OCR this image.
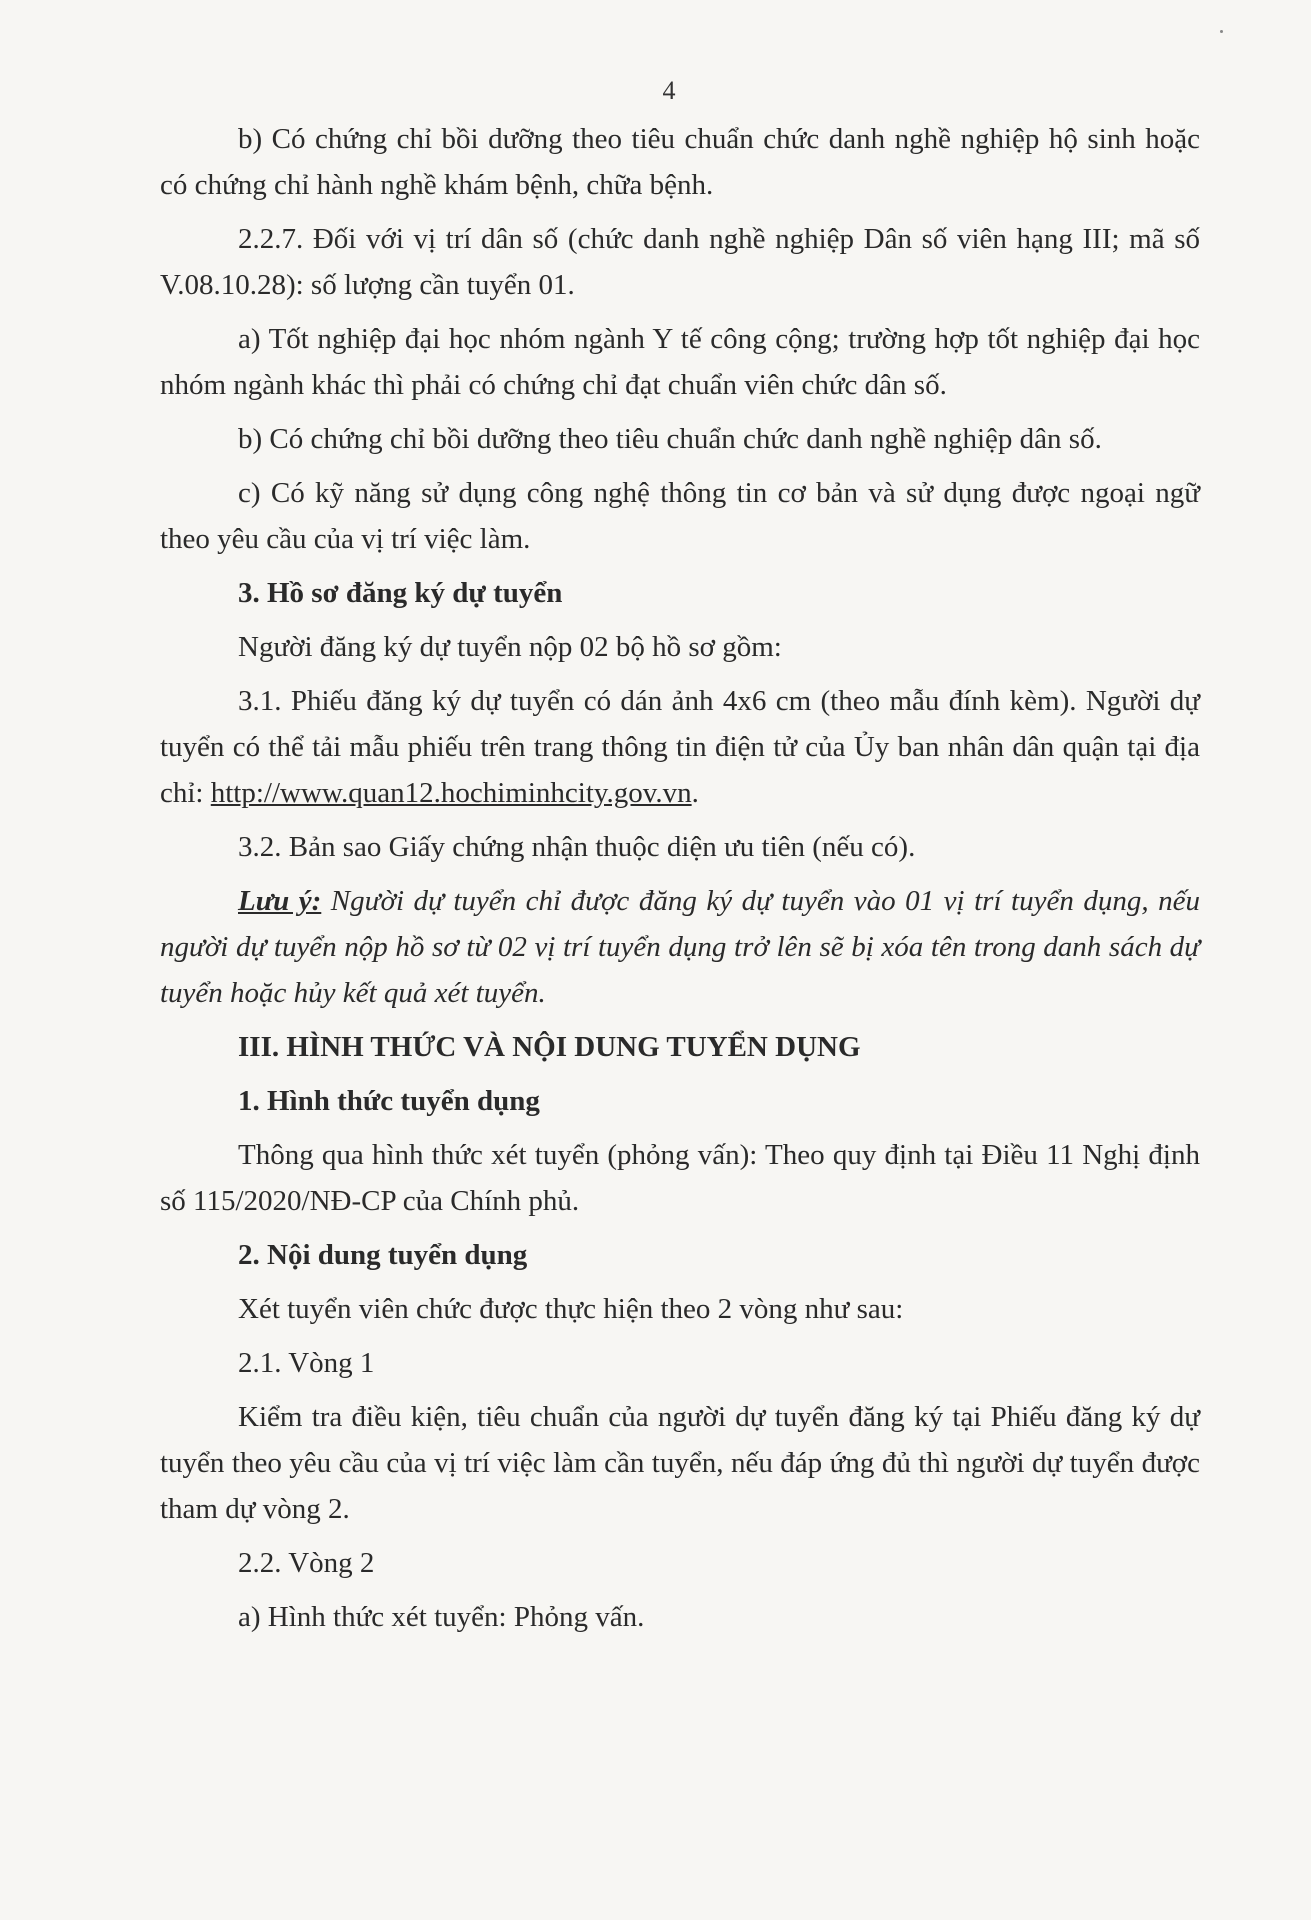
4

b) Có chứng chỉ bồi dưỡng theo tiêu chuẩn chức danh nghề nghiệp hộ sinh hoặc có chứng chỉ hành nghề khám bệnh, chữa bệnh.

2.2.7. Đối với vị trí dân số (chức danh nghề nghiệp Dân số viên hạng III; mã số V.08.10.28): số lượng cần tuyển 01.

a) Tốt nghiệp đại học nhóm ngành Y tế công cộng; trường hợp tốt nghiệp đại học nhóm ngành khác thì phải có chứng chỉ đạt chuẩn viên chức dân số.

b) Có chứng chỉ bồi dưỡng theo tiêu chuẩn chức danh nghề nghiệp dân số.

c) Có kỹ năng sử dụng công nghệ thông tin cơ bản và sử dụng được ngoại ngữ theo yêu cầu của vị trí việc làm.

3. Hồ sơ đăng ký dự tuyển

Người đăng ký dự tuyển nộp 02 bộ hồ sơ gồm:

3.1. Phiếu đăng ký dự tuyển có dán ảnh 4x6 cm (theo mẫu đính kèm). Người dự tuyển có thể tải mẫu phiếu trên trang thông tin điện tử của Ủy ban nhân dân quận tại địa chỉ: http://www.quan12.hochiminhcity.gov.vn.

3.2. Bản sao Giấy chứng nhận thuộc diện ưu tiên (nếu có).

Lưu ý: Người dự tuyển chỉ được đăng ký dự tuyển vào 01 vị trí tuyển dụng, nếu người dự tuyển nộp hồ sơ từ 02 vị trí tuyển dụng trở lên sẽ bị xóa tên trong danh sách dự tuyển hoặc hủy kết quả xét tuyển.

III. HÌNH THỨC VÀ NỘI DUNG TUYỂN DỤNG

1. Hình thức tuyển dụng

Thông qua hình thức xét tuyển (phỏng vấn): Theo quy định tại Điều 11 Nghị định số 115/2020/NĐ-CP của Chính phủ.

2. Nội dung tuyển dụng

Xét tuyển viên chức được thực hiện theo 2 vòng như sau:

2.1. Vòng 1

Kiểm tra điều kiện, tiêu chuẩn của người dự tuyển đăng ký tại Phiếu đăng ký dự tuyển theo yêu cầu của vị trí việc làm cần tuyển, nếu đáp ứng đủ thì người dự tuyển được tham dự vòng 2.

2.2. Vòng 2

a) Hình thức xét tuyển: Phỏng vấn.
